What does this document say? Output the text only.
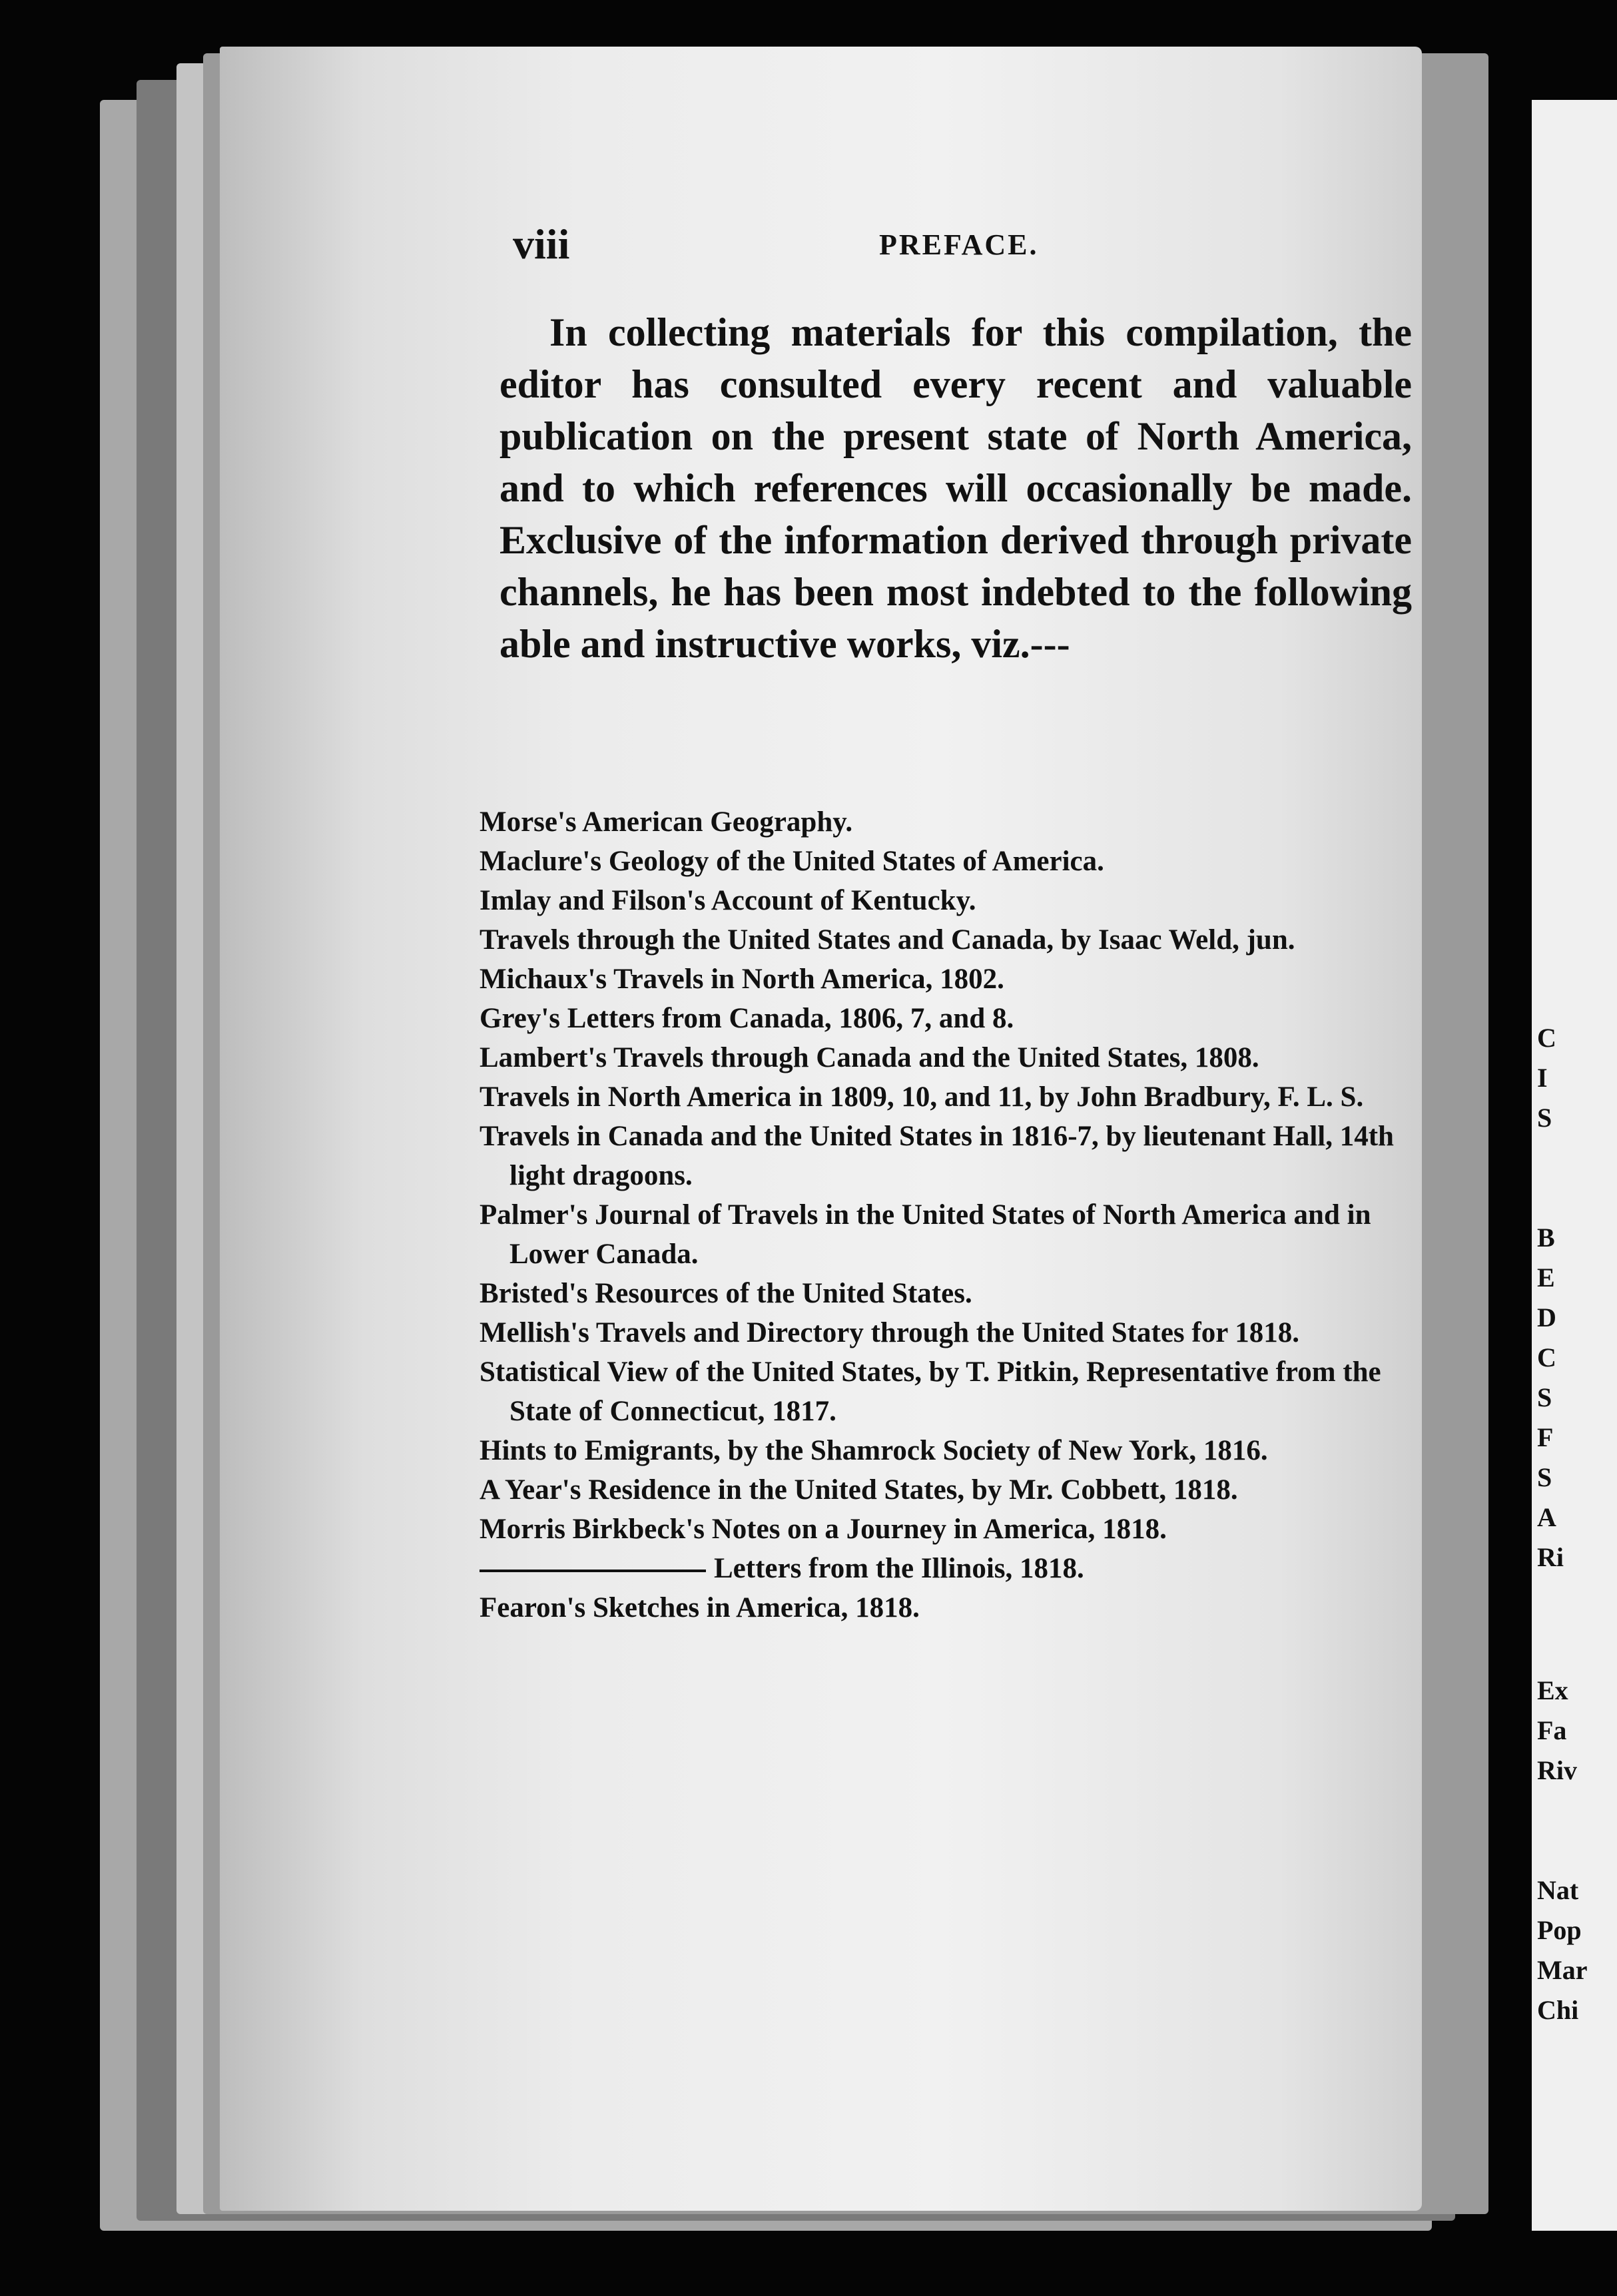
viii	PREFACE.
In collecting materials for this compilation, the editor has consulted every recent and valuable publication on the present state of North America, and to which references will occasionally be made. Exclusive of the information derived through private channels, he has been most indebted to the following able and instructive works, viz.---
Morse's American Geography.
Maclure's Geology of the United States of America.
Imlay and Filson's Account of Kentucky.
Travels through the United States and Canada, by Isaac Weld, jun.
Michaux's Travels in North America, 1802.
Grey's Letters from Canada, 1806, 7, and 8.
Lambert's Travels through Canada and the United States, 1808.
Travels in North America in 1809, 10, and 11, by John Bradbury, F. L. S.
Travels in Canada and the United States in 1816-7, by lieutenant Hall, 14th light dragoons.
Palmer's Journal of Travels in the United States of North America and in Lower Canada.
Bristed's Resources of the United States.
Mellish's Travels and Directory through the United States for 1818.
Statistical View of the United States, by T. Pitkin, Representative from the State of Connecticut, 1817.
Hints to Emigrants, by the Shamrock Society of New York, 1816.
A Year's Residence in the United States, by Mr. Cobbett, 1818.
Morris Birkbeck's Notes on a Journey in America, 1818.
Letters from the Illinois, 1818.
Fearon's Sketches in America, 1818.
C
I
S
B
E
D
C
S
F
S
A
Ri
Ex
Fa
Riv
Nat
Pop
Mar
Chi
